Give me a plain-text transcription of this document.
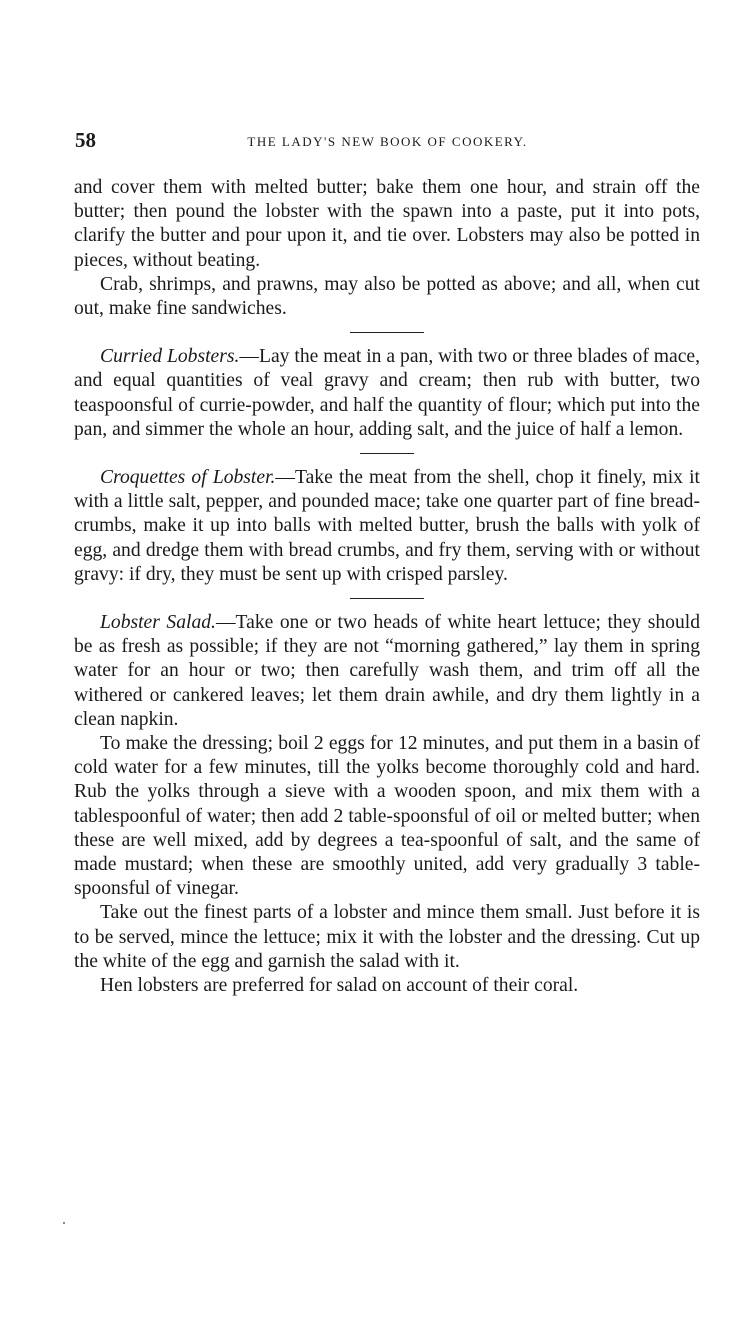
58	THE LADY'S NEW BOOK OF COOKERY.

and cover them with melted butter; bake them one hour, and strain off the butter; then pound the lobster with the spawn into a paste, put it into pots, clarify the butter and pour upon it, and tie over. Lobsters may also be potted in pieces, without beating.

Crab, shrimps, and prawns, may also be potted as above; and all, when cut out, make fine sandwiches.

Curried Lobsters.—Lay the meat in a pan, with two or three blades of mace, and equal quantities of veal gravy and cream; then rub with butter, two teaspoonsful of currie-powder, and half the quantity of flour; which put into the pan, and simmer the whole an hour, adding salt, and the juice of half a lemon.

Croquettes of Lobster.—Take the meat from the shell, chop it finely, mix it with a little salt, pepper, and pounded mace; take one quarter part of fine bread-crumbs, make it up into balls with melted butter, brush the balls with yolk of egg, and dredge them with bread crumbs, and fry them, serving with or without gravy: if dry, they must be sent up with crisped parsley.

Lobster Salad.—Take one or two heads of white heart lettuce; they should be as fresh as possible; if they are not “morning gathered,” lay them in spring water for an hour or two; then carefully wash them, and trim off all the withered or cankered leaves; let them drain awhile, and dry them lightly in a clean napkin.

To make the dressing; boil 2 eggs for 12 minutes, and put them in a basin of cold water for a few minutes, till the yolks become thoroughly cold and hard. Rub the yolks through a sieve with a wooden spoon, and mix them with a tablespoonful of water; then add 2 table-spoonsful of oil or melted butter; when these are well mixed, add by degrees a tea-spoonful of salt, and the same of made mustard; when these are smoothly united, add very gradually 3 table-spoonsful of vinegar.

Take out the finest parts of a lobster and mince them small. Just before it is to be served, mince the lettuce; mix it with the lobster and the dressing. Cut up the white of the egg and garnish the salad with it.

Hen lobsters are preferred for salad on account of their coral.
